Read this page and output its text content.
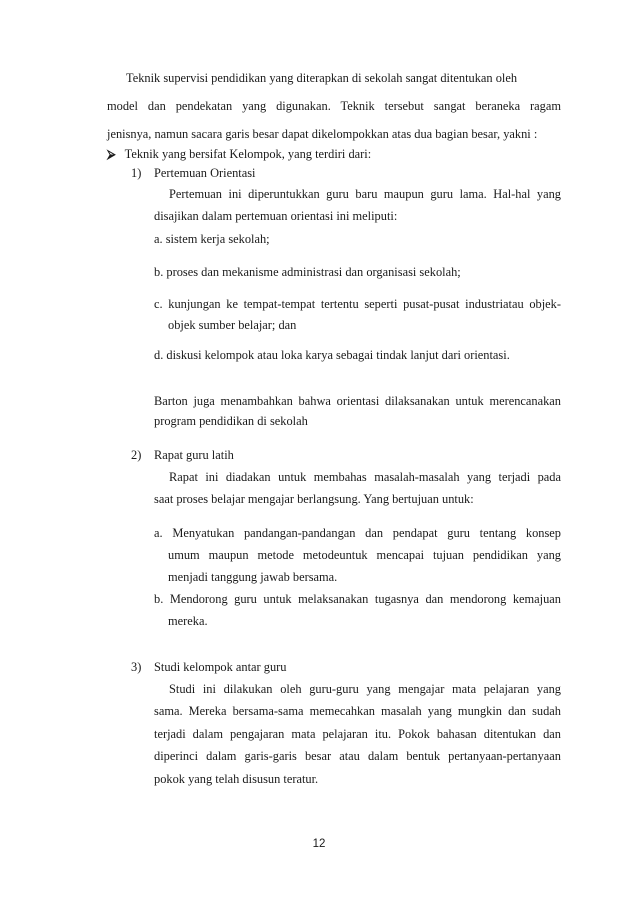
Teknik supervisi pendidikan yang diterapkan di sekolah sangat ditentukan oleh
model dan pendekatan yang digunakan. Teknik tersebut sangat beraneka ragam
jenisnya, namun sacara garis besar dapat dikelompokkan atas dua bagian besar, yakni :
⮚ Teknik yang bersifat Kelompok, yang terdiri dari:
1) Pertemuan Orientasi
Pertemuan ini diperuntukkan guru baru maupun guru lama. Hal-hal yang
disajikan dalam pertemuan orientasi ini meliputi:
a. sistem kerja sekolah;
b. proses dan mekanisme administrasi dan organisasi sekolah;
c. kunjungan ke tempat-tempat tertentu seperti pusat-pusat industriatau objek-
objek sumber belajar; dan
d. diskusi kelompok atau loka karya sebagai tindak lanjut dari orientasi.
Barton juga menambahkan bahwa orientasi dilaksanakan untuk merencanakan
program pendidikan di sekolah
2) Rapat guru latih
Rapat ini diadakan untuk membahas masalah-masalah yang terjadi pada
saat proses belajar mengajar berlangsung. Yang bertujuan untuk:
a. Menyatukan pandangan-pandangan dan pendapat guru tentang konsep
umum maupun metode metodeuntuk mencapai tujuan pendidikan yang
menjadi tanggung jawab bersama.
b. Mendorong guru untuk melaksanakan tugasnya dan mendorong kemajuan
mereka.
3) Studi kelompok antar guru
Studi ini dilakukan oleh guru-guru yang mengajar mata pelajaran yang
sama. Mereka bersama-sama memecahkan masalah yang mungkin dan sudah
terjadi dalam pengajaran mata pelajaran itu. Pokok bahasan ditentukan dan
diperinci dalam garis-garis besar atau dalam bentuk pertanyaan-pertanyaan
pokok yang telah disusun teratur.
12
